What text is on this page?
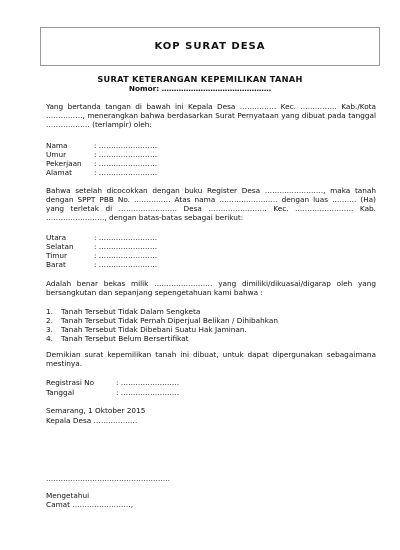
KOP SURAT DESA
SURAT KETERANGAN KEPEMILIKAN TANAH
Nomor: ………………………………………
Yang bertanda tangan di bawah ini Kepala Desa …………… Kec. …………… Kab./Kota ……………, menerangkan bahwa berdasarkan Surat Pernyataan yang dibuat pada tanggal ……………… (terlampir) oleh:
Nama	: ……………………
Umur	: ……………………
Pekerjaan : ……………………
Alamat	: ……………………
Bahwa setelah dicocokkan dengan buku Register Desa ……………………, maka tanah dengan SPPT PBB No. …………… Atas nama …………………… dengan luas ………. (Ha) yang terletak di …………………… Desa …………………… Kec. …………………… Kab. ……………………, dengan batas-batas sebagai berikut:
Utara	: ……………………
Selatan	: ……………………
Timur	: ……………………
Barat	: ……………………
Adalah benar bekas milik …………………… yang dimiliki/dikuasai/digarap oleh yang bersangkutan dan sepanjang sepengetahuan kami bahwa :
1. Tanah Tersebut Tidak Dalam Sengketa
2. Tanah Tersebut Tidak Pernah Diperjual Belikan / Dihibahkan
3. Tanah Tersebut Tidak Dibebani Suatu Hak Jaminan.
4. Tanah Tersebut Belum Bersertifikat
Demikian surat kepemilikan tanah ini dibuat, untuk dapat dipergunakan sebagaimana mestinya.
Registrasi No	: ……………………
Tanggal	: ……………………
Semarang, 1 Oktober 2015
Kepala Desa ………………
……………………………………………
Mengetahui
Camat ……………………,
